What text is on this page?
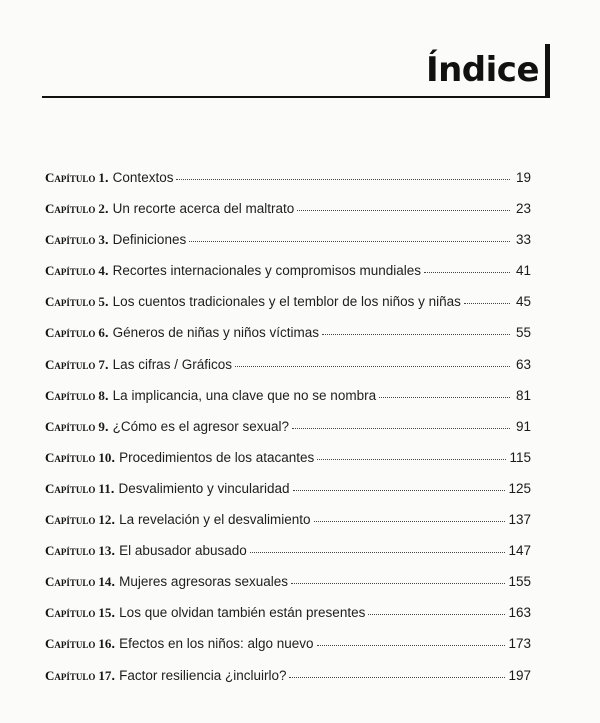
Índice
Capítulo 1 . Contextos	19
Capítulo 2 . Un recorte acerca del maltrato	23
Capítulo 3 . Definiciones	33
Capítulo 4 . Recortes internacionales y compromisos mundiales	41
Capítulo 5 . Los cuentos tradicionales y el temblor de los niños y niñas	45
Capítulo 6 . Géneros de niñas y niños víctimas	55
Capítulo 7 . Las cifras / Gráficos	63
Capítulo 8 . La implicancia, una clave que no se nombra	81
Capítulo 9 . ¿Cómo es el agresor sexual?	91
Capítulo 10 . Procedimientos de los atacantes	115
Capítulo 11 . Desvalimiento y vincularidad	125
Capítulo 12 . La revelación y el desvalimiento	137
Capítulo 13 . El abusador abusado	147
Capítulo 14 . Mujeres agresoras sexuales	155
Capítulo 15 . Los que olvidan también están presentes	163
Capítulo 16 . Efectos en los niños: algo nuevo	173
Capítulo 17 . Factor resiliencia ¿incluirlo?	197
